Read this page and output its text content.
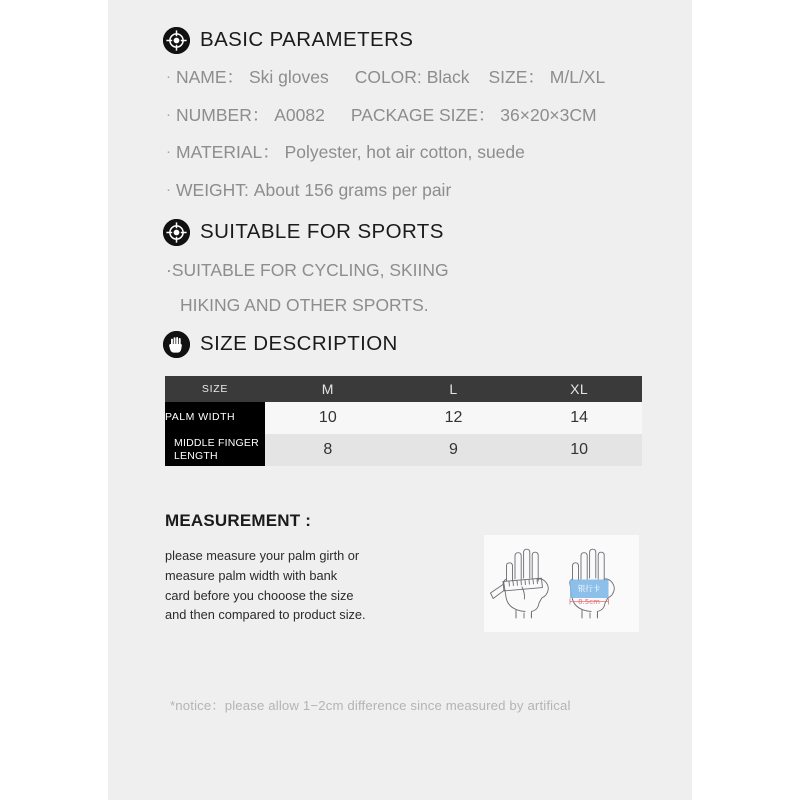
BASIC PARAMETERS
· NAME： Ski gloves COLOR: Black SIZE： M/L/XL
· NUMBER： A0082 PACKAGE SIZE： 36×20×3CM
· MATERIAL： Polyester, hot air cotton, suede
· WEIGHT: About 156 grams per pair
SUITABLE FOR SPORTS
·SUITABLE FOR CYCLING, SKIING
HIKING AND OTHER SPORTS.
SIZE DESCRIPTION
SIZE	M	L	XL
PALM WIDTH	10	12	14
MIDDLE FINGER LENGTH	8	9	10
MEASUREMENT :
please measure your palm girth or
measure palm width with bank
card before you chooose the size
and then compared to product size.
银行卡
8.5cm
*notice：please allow 1−2cm difference since measured by artifical
